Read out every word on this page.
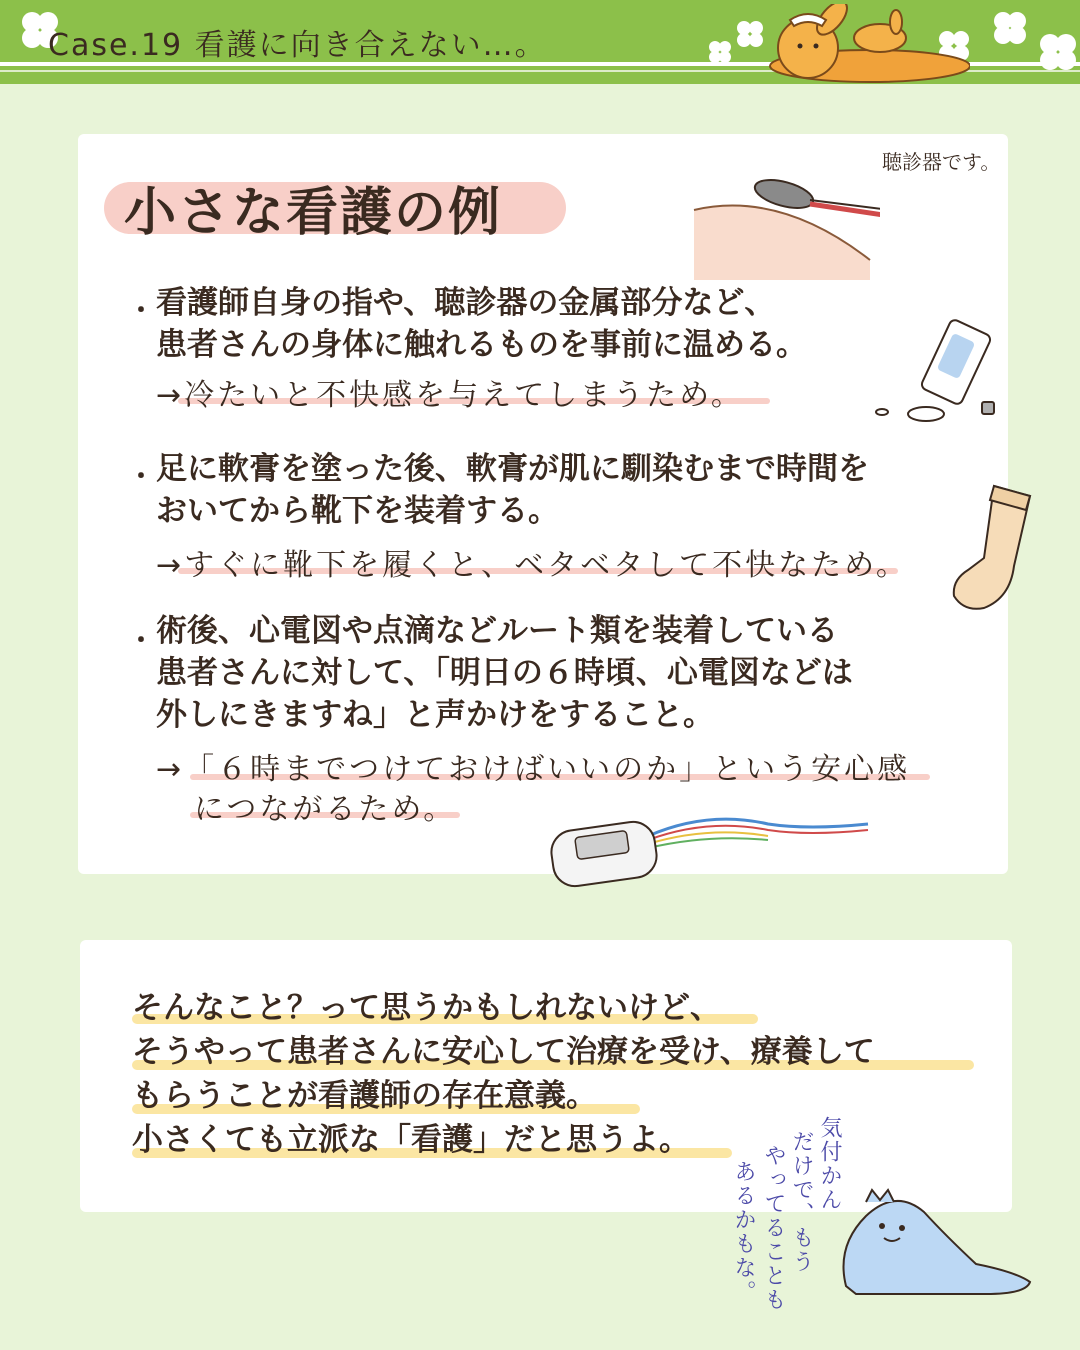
Case.19 看護に向き合えない…。
小さな看護の例
聴診器です。
・ 看護師自身の指や、聴診器の金属部分など、
患者さんの身体に触れるものを事前に温める。
→冷たいと不快感を与えてしまうため。
・ 足に軟膏を塗った後、軟膏が肌に馴染むまで時間を
おいてから靴下を装着する。
→すぐに靴下を履くと、ベタベタして不快なため。
・ 術後、心電図や点滴などルート類を装着している
患者さんに対して、「明日の６時頃、心電図などは
外しにきますね」と声かけをすること。
→「６時までつけておけばいいのか」という安心感
につながるため。
そんなこと？って思うかもしれないけど、
そうやって患者さんに安心して治療を受け、療養して
もらうことが看護師の存在意義。
小さくても立派な「看護」だと思うよ。	気付かん
だけで、もう
やってることも
あるかもな。
